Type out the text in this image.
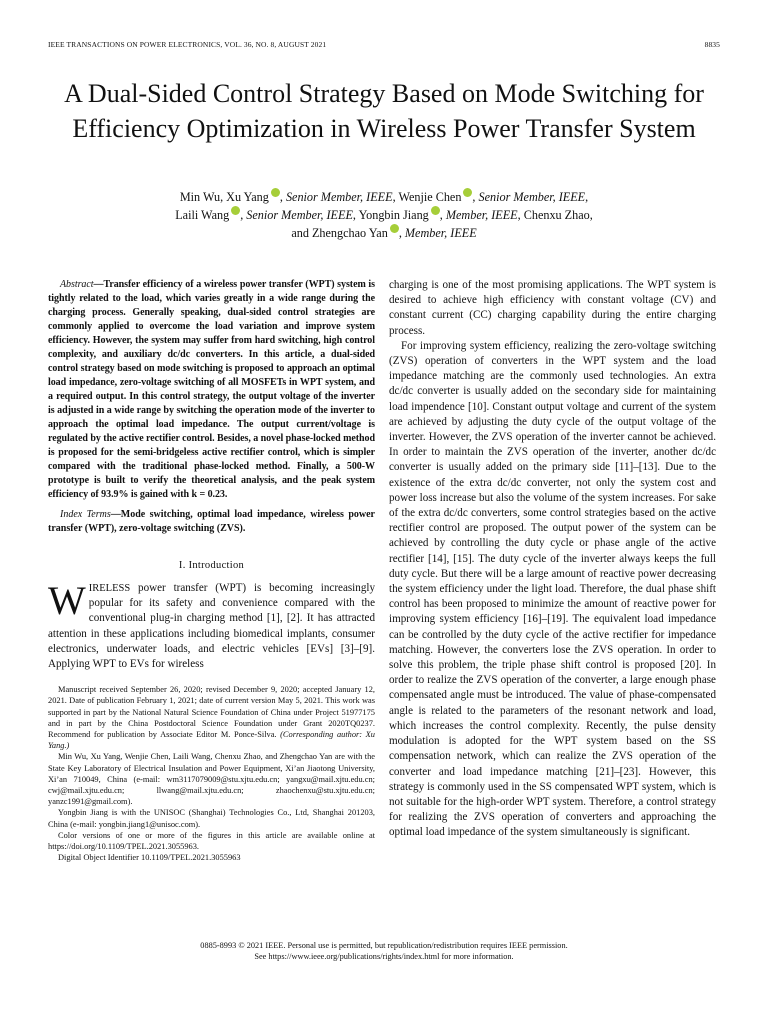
IEEE TRANSACTIONS ON POWER ELECTRONICS, VOL. 36, NO. 8, AUGUST 2021	8835
A Dual-Sided Control Strategy Based on Mode Switching for Efficiency Optimization in Wireless Power Transfer System
Min Wu, Xu Yang , Senior Member, IEEE, Wenjie Chen , Senior Member, IEEE,
Laili Wang , Senior Member, IEEE, Yongbin Jiang , Member, IEEE, Chenxu Zhao,
and Zhengchao Yan , Member, IEEE

Abstract—Transfer efficiency of a wireless power transfer (WPT) system is tightly related to the load, which varies greatly in a wide range during the charging process. Generally speaking, dual-sided control strategies are commonly applied to overcome the load variation and improve system efficiency. However, the system may suffer from hard switching, high control complexity, and auxiliary dc/dc converters. In this article, a dual-sided control strategy based on mode switching is proposed to approach an optimal load impedance, zero-voltage switching of all MOSFETs in WPT system, and a required output. In this control strategy, the output voltage of the inverter is adjusted in a wide range by switching the operation mode of the inverter to approach the optimal load impedance. The output current/voltage is regulated by the active rectifier control. Besides, a novel phase-locked method is proposed for the semi-bridgeless active rectifier control, which is simpler compared with the traditional phase-locked method. Finally, a 500-W prototype is built to verify the theoretical analysis, and the peak system efficiency of 93.9% is gained with k = 0.23.

Index Terms—Mode switching, optimal load impedance, wireless power transfer (WPT), zero-voltage switching (ZVS).

I. Introduction

WIRELESS power transfer (WPT) is becoming increasingly popular for its safety and convenience compared with the conventional plug-in charging method [1], [2]. It has attracted attention in these applications including biomedical implants, consumer electronics, underwater loads, and electric vehicles [EVs] [3]–[9]. Applying WPT to EVs for wireless

Manuscript received September 26, 2020; revised December 9, 2020; accepted January 12, 2021. Date of publication February 1, 2021; date of current version May 5, 2021. This work was supported in part by the National Natural Science Foundation of China under Project 51977175 and in part by the China Postdoctoral Science Foundation under Grant 2020TQ0237. Recommend for publication by Associate Editor M. Ponce-Silva. (Corresponding author: Xu Yang.)

Min Wu, Xu Yang, Wenjie Chen, Laili Wang, Chenxu Zhao, and Zhengchao Yan are with the State Key Laboratory of Electrical Insulation and Power Equipment, Xi’an Jiaotong University, Xi’an 710049, China (e-mail: wm3117079009@stu.xjtu.edu.cn; yangxu@mail.xjtu.edu.cn; cwj@mail.xjtu.edu.cn; llwang@mail.xjtu.edu.cn; zhaochenxu@stu.xjtu.edu.cn; yanzc1991@gmail.com).

Yongbin Jiang is with the UNISOC (Shanghai) Technologies Co., Ltd, Shanghai 201203, China (e-mail: yongbin.jiang1@unisoc.com).

Color versions of one or more of the figures in this article are available online at https://doi.org/10.1109/TPEL.2021.3055963.

Digital Object Identifier 10.1109/TPEL.2021.3055963

charging is one of the most promising applications. The WPT system is desired to achieve high efficiency with constant voltage (CV) and constant current (CC) charging capability during the entire charging process.

For improving system efficiency, realizing the zero-voltage switching (ZVS) operation of converters in the WPT system and the load impedance matching are the commonly used technologies. An extra dc/dc converter is usually added on the secondary side for maintaining load impendence [10]. Constant output voltage and current of the system are achieved by adjusting the duty cycle of the output voltage of the inverter. However, the ZVS operation of the inverter cannot be achieved. In order to maintain the ZVS operation of the inverter, another dc/dc converter is usually added on the primary side [11]–[13]. Due to the existence of the extra dc/dc converter, not only the system cost and power loss increase but also the volume of the system increases. For sake of the extra dc/dc converters, some control strategies based on the active rectifier control are proposed. The output power of the system can be achieved by controlling the duty cycle or phase angle of the active rectifier [14], [15]. The duty cycle of the inverter always keeps the full duty cycle. But there will be a large amount of reactive power decreasing the system efficiency under the light load. Therefore, the dual phase shift control has been proposed to minimize the amount of reactive power for improving system efficiency [16]–[19]. The equivalent load impedance can be controlled by the duty cycle of the active rectifier for impedance matching. However, the converters lose the ZVS operation. In order to solve this problem, the triple phase shift control is proposed [20]. In order to realize the ZVS operation of the converter, a large enough phase compensated angle must be introduced. The value of phase-compensated angle is related to the parameters of the resonant network and load, which increases the control complexity. Recently, the pulse density modulation is adopted for the WPT system based on the SS compensation network, which can realize the ZVS operation of the converter and load impedance matching [21]–[23]. However, this strategy is commonly used in the SS compensated WPT system, which is not suitable for the high-order WPT system. Therefore, a control strategy for realizing the ZVS operation of converters and approaching the optimal load impedance of the system simultaneously is significant.

0885-8993 © 2021 IEEE. Personal use is permitted, but republication/redistribution requires IEEE permission.
See https://www.ieee.org/publications/rights/index.html for more information.
